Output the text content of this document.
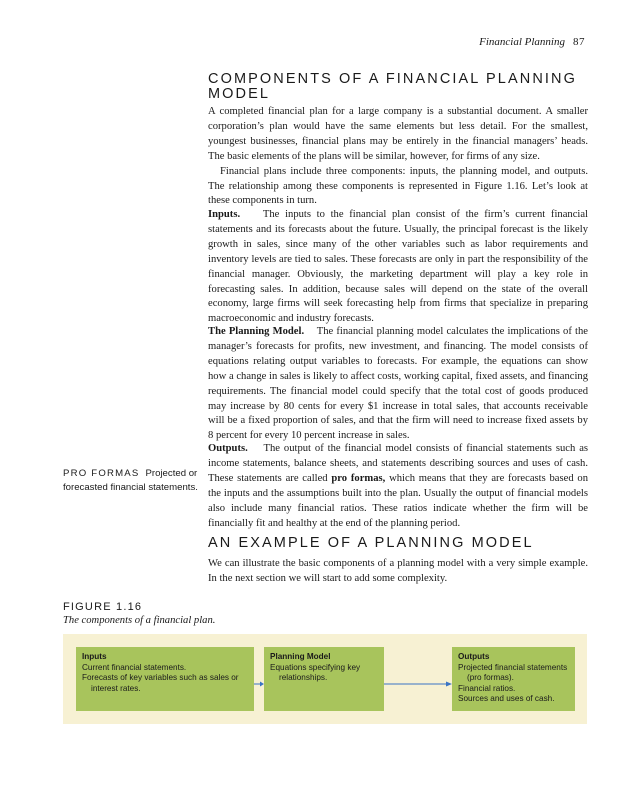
Financial Planning 87
COMPONENTS OF A FINANCIAL PLANNING MODEL

A completed financial plan for a large company is a substantial document. A smaller corporation’s plan would have the same elements but less detail. For the smallest, youngest businesses, financial plans may be entirely in the financial managers’ heads. The basic elements of the plans will be similar, however, for firms of any size.

Financial plans include three components: inputs, the planning model, and outputs. The relationship among these components is represented in Figure 1.16. Let’s look at these components in turn.

Inputs. The inputs to the financial plan consist of the firm’s current financial statements and its forecasts about the future. Usually, the principal forecast is the likely growth in sales, since many of the other variables such as labor requirements and inventory levels are tied to sales. These forecasts are only in part the responsibility of the financial manager. Obviously, the marketing department will play a key role in forecasting sales. In addition, because sales will depend on the state of the overall economy, large firms will seek forecasting help from firms that specialize in preparing macroeconomic and industry forecasts.

The Planning Model. The financial planning model calculates the implications of the manager’s forecasts for profits, new investment, and financing. The model consists of equations relating output variables to forecasts. For example, the equations can show how a change in sales is likely to affect costs, working capital, fixed assets, and financing requirements. The financial model could specify that the total cost of goods produced may increase by 80 cents for every $1 increase in total sales, that accounts receivable will be a fixed proportion of sales, and that the firm will need to increase fixed assets by 8 percent for every 10 percent increase in sales.

Outputs. The output of the financial model consists of financial statements such as income statements, balance sheets, and statements describing sources and uses of cash. These statements are called pro formas, which means that they are forecasts based on the inputs and the assumptions built into the plan. Usually the output of financial models also include many financial ratios. These ratios indicate whether the firm will be financially fit and healthy at the end of the planning period.

PRO FORMAS Projected or forecasted financial statements.
AN EXAMPLE OF A PLANNING MODEL

We can illustrate the basic components of a planning model with a very simple example. In the next section we will start to add some complexity.

FIGURE 1.16
The components of a financial plan.
Inputs
Current financial statements.
Forecasts of key variables such as sales or interest rates.
Planning Model
Equations specifying key relationships.
Outputs
Projected financial statements (pro formas).
Financial ratios.
Sources and uses of cash.
